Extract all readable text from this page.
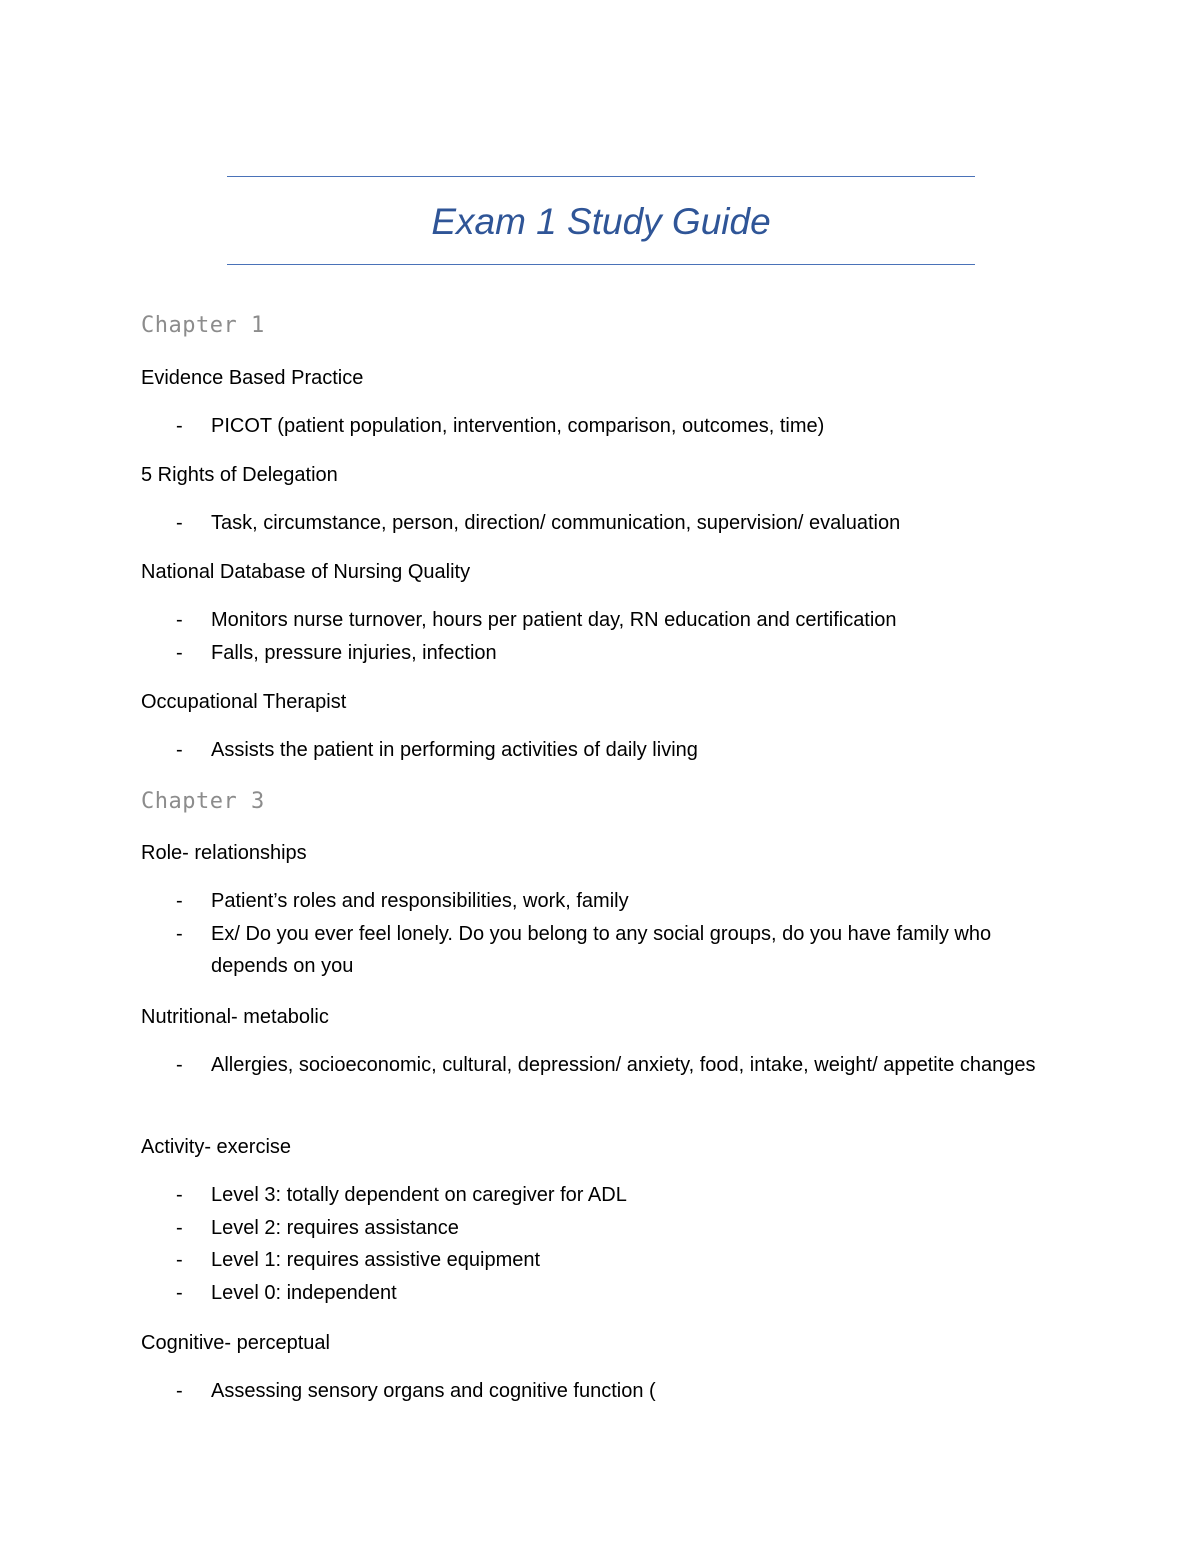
Exam 1 Study Guide
Chapter 1
Evidence Based Practice
- PICOT (patient population, intervention, comparison, outcomes, time)
5 Rights of Delegation
- Task, circumstance, person, direction/ communication, supervision/ evaluation
National Database of Nursing Quality
- Monitors nurse turnover, hours per patient day, RN education and certification
- Falls, pressure injuries, infection
Occupational Therapist
- Assists the patient in performing activities of daily living
Chapter 3
Role- relationships
- Patient’s roles and responsibilities, work, family
- Ex/ Do you ever feel lonely. Do you belong to any social groups, do you have family who depends on you
Nutritional- metabolic
- Allergies, socioeconomic, cultural, depression/ anxiety, food, intake, weight/ appetite changes
Activity- exercise
- Level 3: totally dependent on caregiver for ADL
- Level 2: requires assistance
- Level 1: requires assistive equipment
- Level 0: independent
Cognitive- perceptual
- Assessing sensory organs and cognitive function (
